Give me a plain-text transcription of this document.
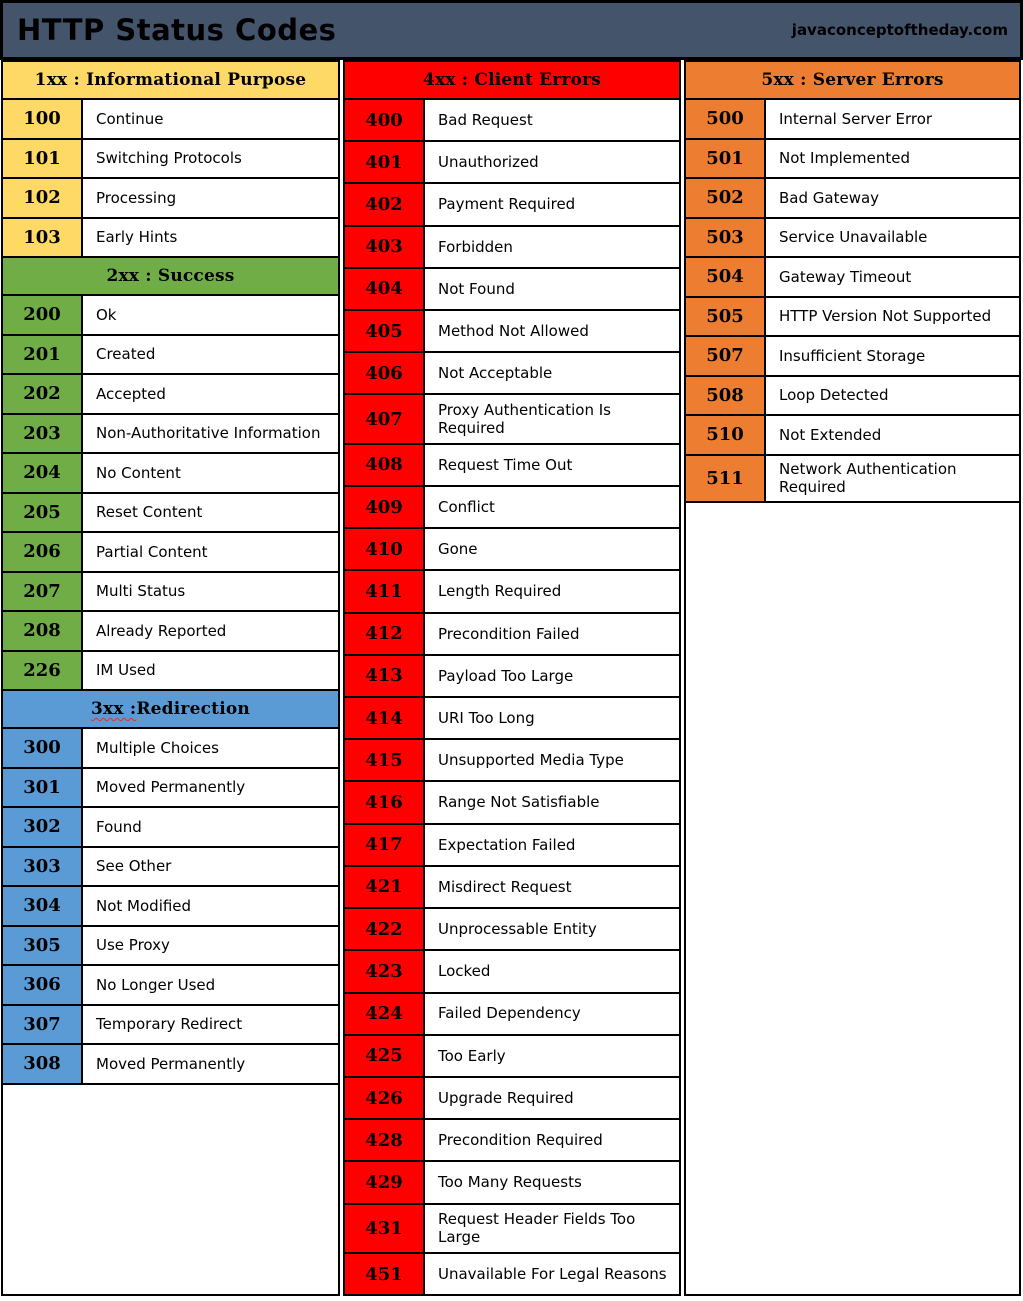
HTTP Status Codes	javaconceptoftheday.com
1xx : Informational Purpose
100	Continue
101	Switching Protocols
102	Processing
103	Early Hints
2xx : Success
200	Ok
201	Created
202	Accepted
203	Non-Authoritative Information
204	No Content
205	Reset Content
206	Partial Content
207	Multi Status
208	Already Reported
226	IM Used
3xx : Redirection
300	Multiple Choices
301	Moved Permanently
302	Found
303	See Other
304	Not Modified
305	Use Proxy
306	No Longer Used
307	Temporary Redirect
308	Moved Permanently
4xx : Client Errors
400	Bad Request
401	Unauthorized
402	Payment Required
403	Forbidden
404	Not Found
405	Method Not Allowed
406	Not Acceptable
407	Proxy Authentication Is Required
408	Request Time Out
409	Conflict
410	Gone
411	Length Required
412	Precondition Failed
413	Payload Too Large
414	URI Too Long
415	Unsupported Media Type
416	Range Not Satisfiable
417	Expectation Failed
421	Misdirect Request
422	Unprocessable Entity
423	Locked
424	Failed Dependency
425	Too Early
426	Upgrade Required
428	Precondition Required
429	Too Many Requests
431	Request Header Fields Too Large
451	Unavailable For Legal Reasons
5xx : Server Errors
500	Internal Server Error
501	Not Implemented
502	Bad Gateway
503	Service Unavailable
504	Gateway Timeout
505	HTTP Version Not Supported
507	Insufficient Storage
508	Loop Detected
510	Not Extended
511	Network Authentication Required
